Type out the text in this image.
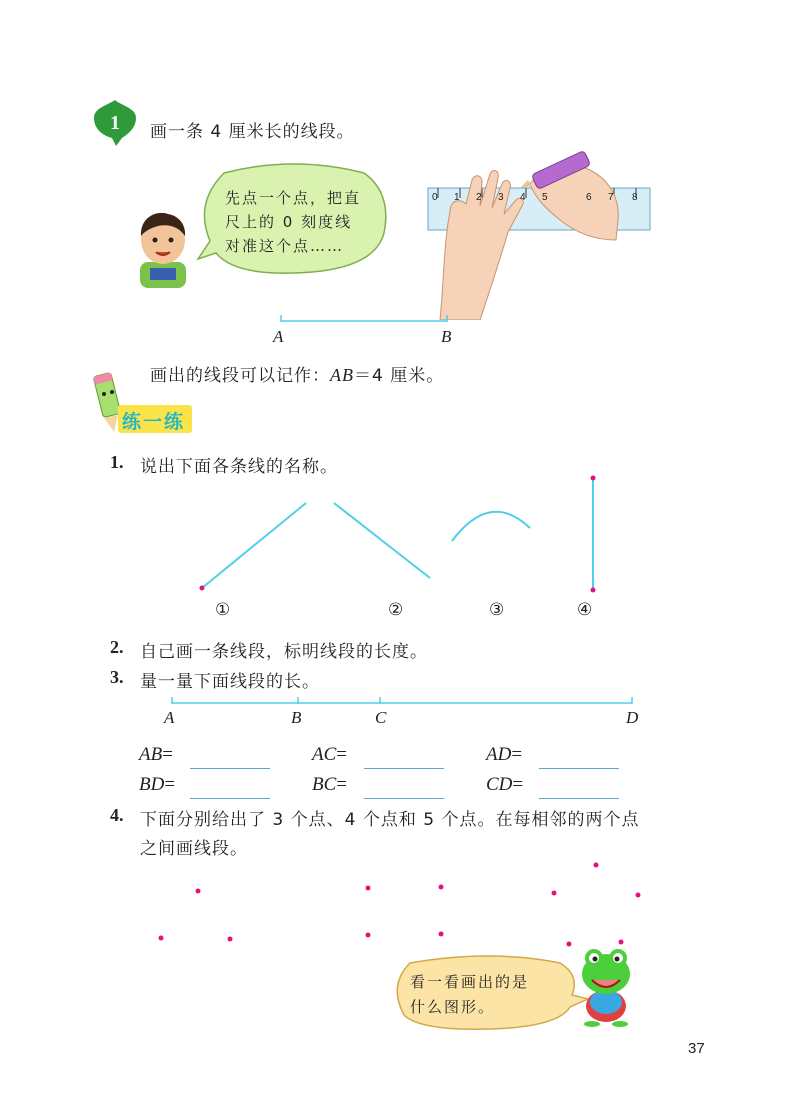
1 画一条 4 厘米长的线段。
先点一个点，把直
尺上的 0 刻度线
对准这个点……
0 1 2 3 4 5	6 7 8
A	B
画出的线段可以记作：AB＝4 厘米。
练一练
1. 说出下面各条线的名称。
①	②	③	④
2. 自己画一条线段，标明线段的长度。
3. 量一量下面线段的长。
A	B	C	D
AB=	AC=	AD=
BD=	BC=	CD=
4. 下面分别给出了 3 个点、4 个点和 5 个点。在每相邻的两个点
之间画线段。
看一看画出的是
什么图形。
37
